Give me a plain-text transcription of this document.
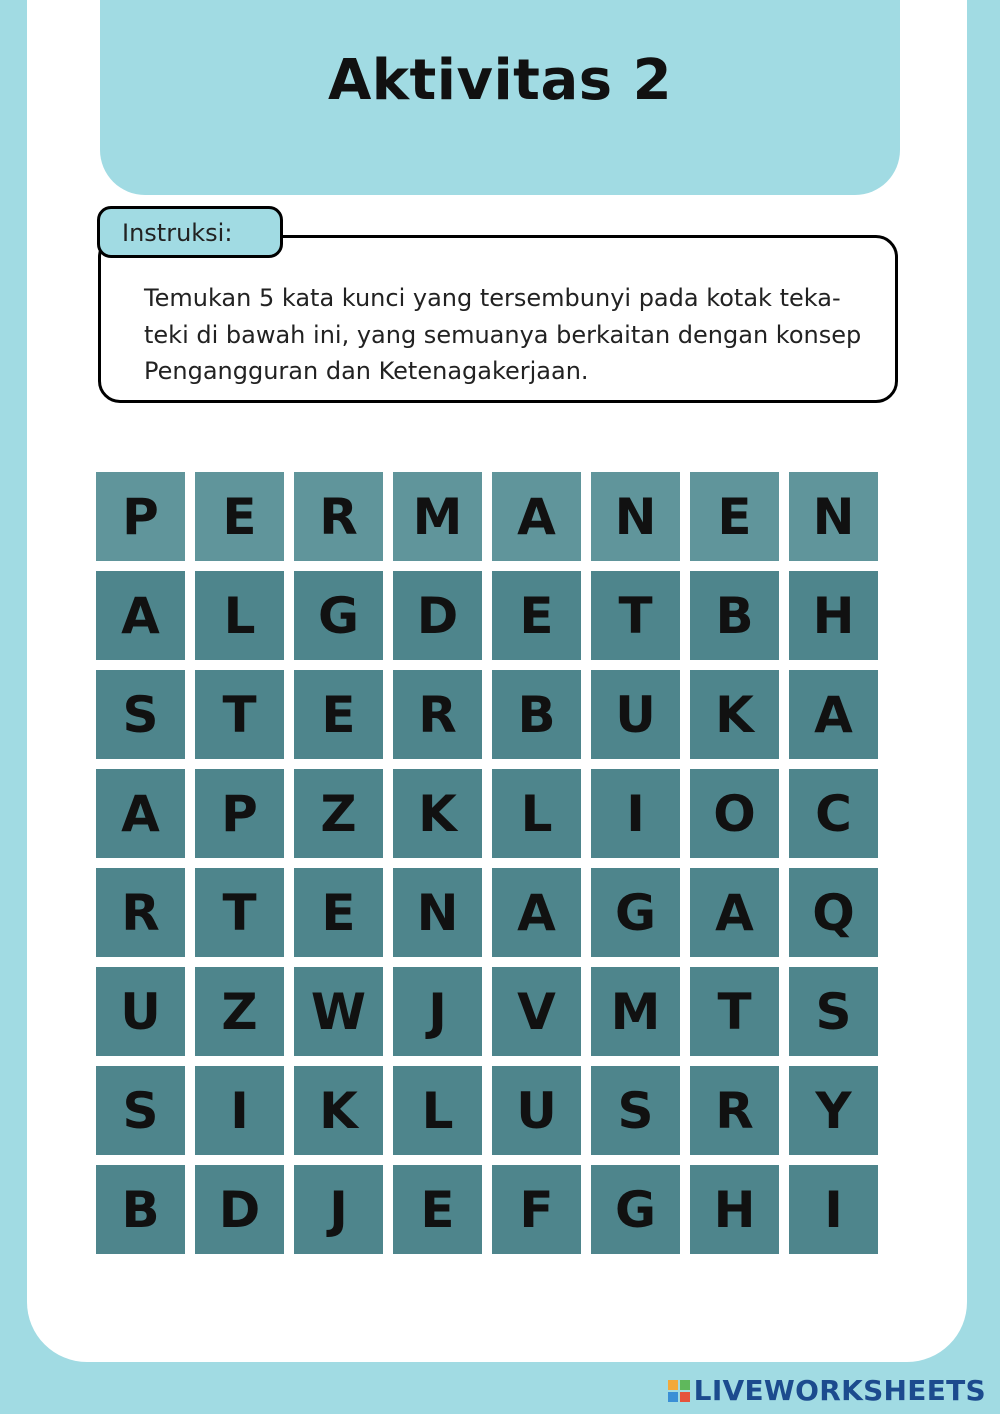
Aktivitas 2
Instruksi:
Temukan 5 kata kunci yang tersembunyi pada kotak teka-teki di bawah ini, yang semuanya berkaitan dengan konsep Pengangguran dan Ketenagakerjaan.
P	E	R	M	A	N	E	N
A	L	G	D	E	T	B	H
S	T	E	R	B	U	K	A
A	P	Z	K	L	I	O	C
R	T	E	N	A	G	A	Q
U	Z	W	J	V	M	T	S
S	I	K	L	U	S	R	Y
B	D	J	E	F	G	H	I
LIVEWORKSHEETS
